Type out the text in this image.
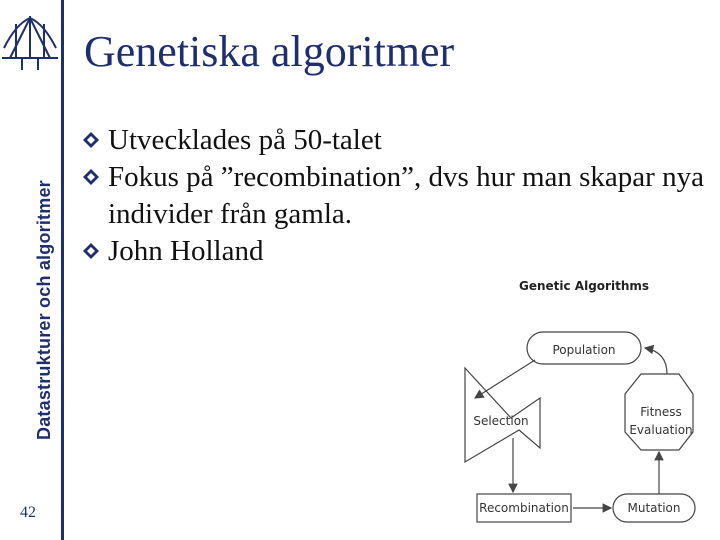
Datastrukturer och algoritmer
42
Genetiska algoritmer
Utvecklades på 50-talet
Fokus på ”recombination”, dvs hur man skapar nya individer från gamla.
John Holland
Genetic Algorithms
Population
Selection
Fitness
Evaluation
Recombination	Mutation
